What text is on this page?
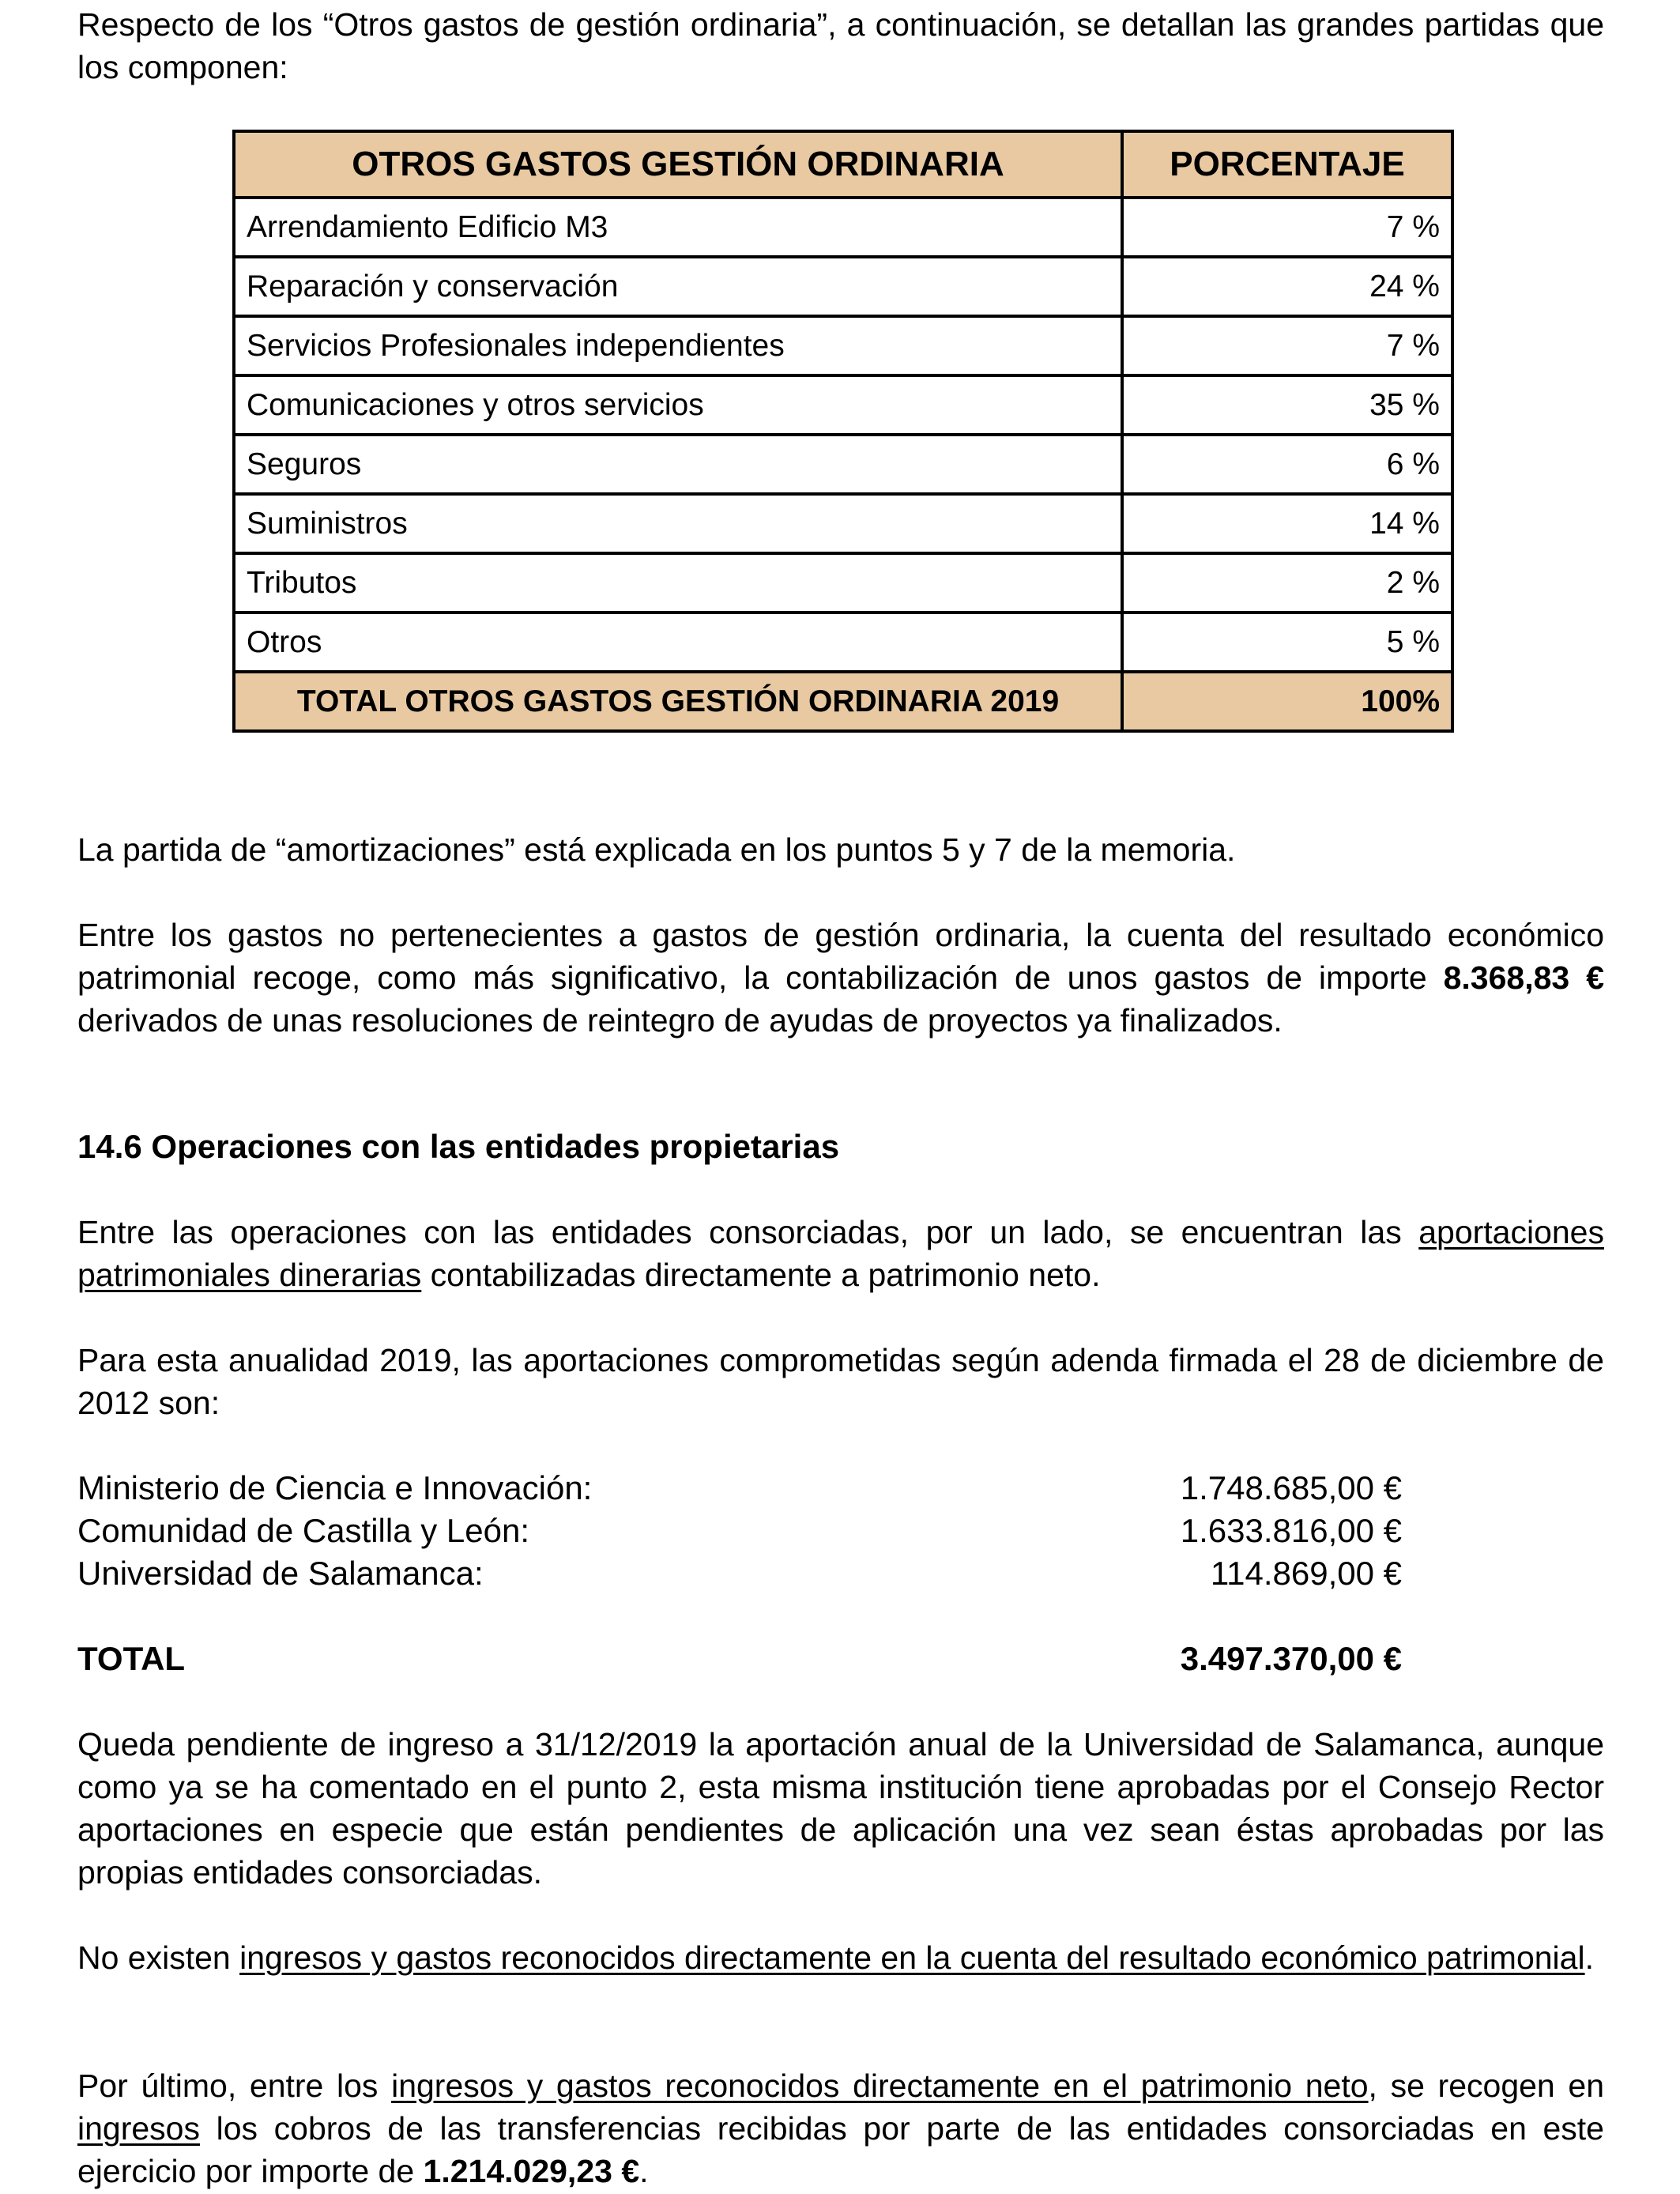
Respecto de los “Otros gastos de gestión ordinaria”, a continuación, se detallan las grandes partidas que los componen:

OTROS GASTOS GESTIÓN ORDINARIA	PORCENTAJE
Arrendamiento Edificio M3	7 %
Reparación y conservación	24 %
Servicios Profesionales independientes	7 %
Comunicaciones y otros servicios	35 %
Seguros	6 %
Suministros	14 %
Tributos	2 %
Otros	5 %
TOTAL OTROS GASTOS GESTIÓN ORDINARIA 2019	100%

La partida de “amortizaciones” está explicada en los puntos 5 y 7 de la memoria.

Entre los gastos no pertenecientes a gastos de gestión ordinaria, la cuenta del resultado económico patrimonial recoge, como más significativo, la contabilización de unos gastos de importe 8.368,83 € derivados de unas resoluciones de reintegro de ayudas de proyectos ya finalizados.

14.6 Operaciones con las entidades propietarias

Entre las operaciones con las entidades consorciadas, por un lado, se encuentran las aportaciones patrimoniales dinerarias contabilizadas directamente a patrimonio neto.

Para esta anualidad 2019, las aportaciones comprometidas según adenda firmada el 28 de diciembre de 2012 son:

Ministerio de Ciencia e Innovación:	1.748.685,00 €
Comunidad de Castilla y León:	1.633.816,00 €
Universidad de Salamanca:	114.869,00 €
TOTAL	3.497.370,00 €

Queda pendiente de ingreso a 31/12/2019 la aportación anual de la Universidad de Salamanca, aunque como ya se ha comentado en el punto 2, esta misma institución tiene aprobadas por el Consejo Rector aportaciones en especie que están pendientes de aplicación una vez sean éstas aprobadas por las propias entidades consorciadas.

No existen ingresos y gastos reconocidos directamente en la cuenta del resultado económico patrimonial.

Por último, entre los ingresos y gastos reconocidos directamente en el patrimonio neto, se recogen en ingresos los cobros de las transferencias recibidas por parte de las entidades consorciadas en este ejercicio por importe de 1.214.029,23 €.
